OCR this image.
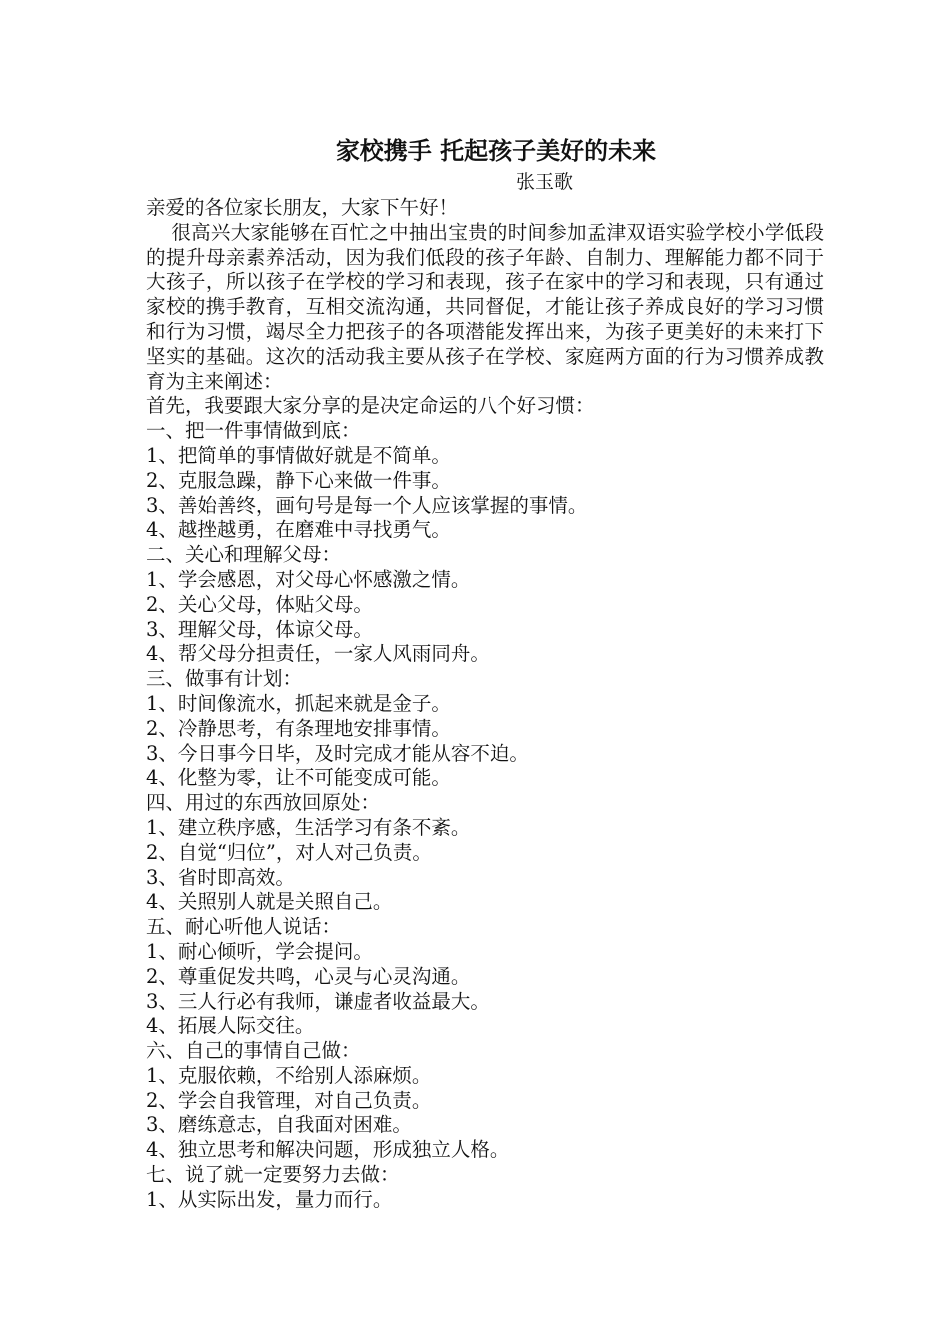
家校携手 托起孩子美好的未来
张玉歌
亲爱的各位家长朋友，大家下午好！

很高兴大家能够在百忙之中抽出宝贵的时间参加孟津双语实验学校小学低段的提升母亲素养活动，因为我们低段的孩子年龄、自制力、理解能力都不同于大孩子，所以孩子在学校的学习和表现，孩子在家中的学习和表现，只有通过家校的携手教育，互相交流沟通，共同督促，才能让孩子养成良好的学习习惯和行为习惯，竭尽全力把孩子的各项潜能发挥出来，为孩子更美好的未来打下坚实的基础。这次的活动我主要从孩子在学校、家庭两方面的行为习惯养成教育为主来阐述：

首先，我要跟大家分享的是决定命运的八个好习惯：
一、把一件事情做到底：
1、把简单的事情做好就是不简单。
2、克服急躁，静下心来做一件事。
3、善始善终，画句号是每一个人应该掌握的事情。
4、越挫越勇，在磨难中寻找勇气。
二、关心和理解父母：
1、学会感恩，对父母心怀感激之情。
2、关心父母，体贴父母。
3、理解父母，体谅父母。
4、帮父母分担责任，一家人风雨同舟。
三、做事有计划：
1、时间像流水，抓起来就是金子。
2、冷静思考，有条理地安排事情。
3、今日事今日毕，及时完成才能从容不迫。
4、化整为零，让不可能变成可能。
四、用过的东西放回原处：
1、建立秩序感，生活学习有条不紊。
2、自觉“归位”，对人对己负责。
3、省时即高效。
4、关照别人就是关照自己。
五、耐心听他人说话：
1、耐心倾听，学会提问。
2、尊重促发共鸣，心灵与心灵沟通。
3、三人行必有我师，谦虚者收益最大。
4、拓展人际交往。
六、自己的事情自己做：
1、克服依赖，不给别人添麻烦。
2、学会自我管理，对自己负责。
3、磨练意志，自我面对困难。
4、独立思考和解决问题，形成独立人格。
七、说了就一定要努力去做：
1、从实际出发，量力而行。
